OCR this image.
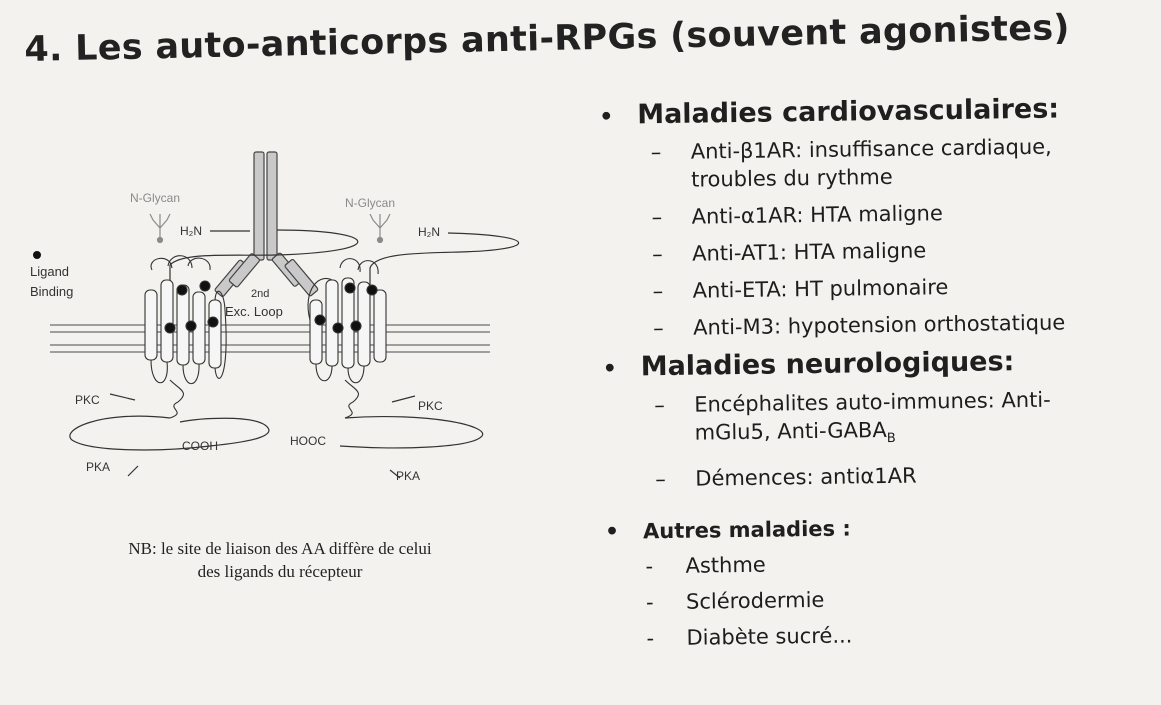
4. Les auto-anticorps anti-RPGs (souvent agonistes)
N-Glycan	N-Glycan
H₂N	H₂N
Ligand
Binding	2nd
Exc. Loop
PKC	PKC
COOH	HOOC
PKA
PKA
NB: le site de liaison des AA diffère de celui
des ligands du récepteur
• Maladies cardiovasculaires:
– Anti-β1AR: insuffisance cardiaque,
troubles du rythme
– Anti-α1AR: HTA maligne
– Anti-AT1: HTA maligne
– Anti-ETA: HT pulmonaire
– Anti-M3: hypotension orthostatique
• Maladies neurologiques:
– Encéphalites auto-immunes: Anti-
mGlu5, Anti-$GABA_B$
– Démences: antiα1AR
•	Autres maladies :
- Asthme
- Sclérodermie
- Diabète sucré...
